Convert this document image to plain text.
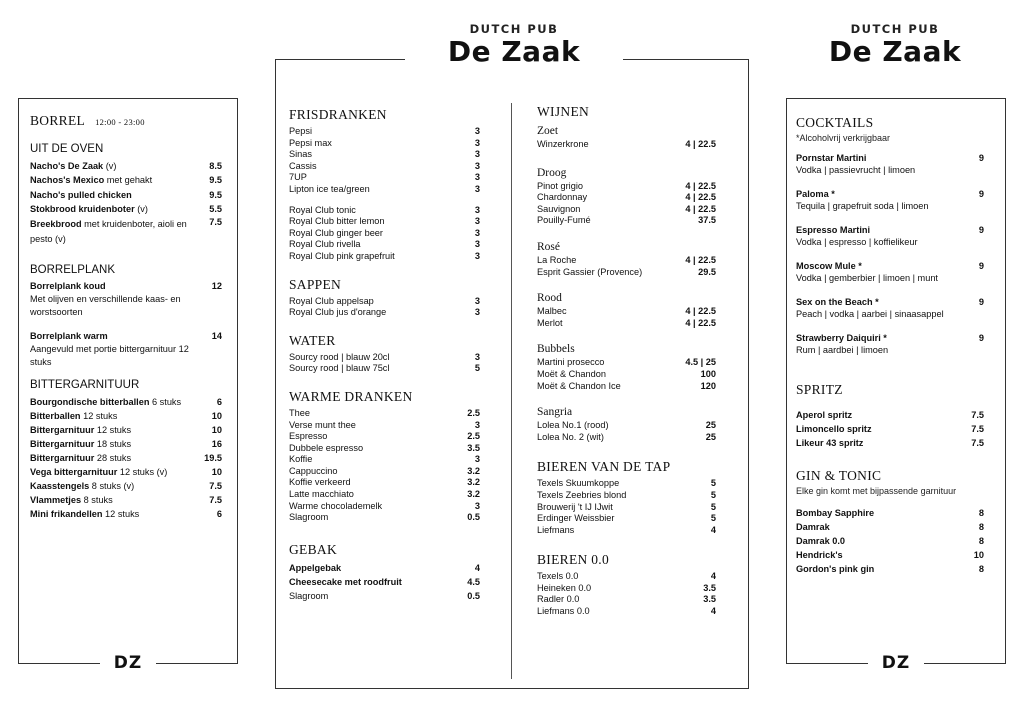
DUTCH PUB
De Zaak
DUTCH PUB
De Zaak
DZ	DZ
BORREL 12:00 - 23:00
UIT DE OVEN
Nacho's De Zaak (v)	8.5
Nachos's Mexico met gehakt	9.5
Nacho's pulled chicken	9.5
Stokbrood kruidenboter (v)	5.5
Breekbrood met kruidenboter, aioli en pesto (v)
7.5
BORRELPLANK
Borrelplank koud	12
Met olijven en verschillende kaas- en worstsoorten
Borrelplank warm	14
Aangevuld met portie bittergarnituur 12 stuks
BITTERGARNITUUR
Bourgondische bitterballen 6 stuks	6
Bitterballen 12 stuks	10
Bittergarnituur 12 stuks	10
Bittergarnituur 18 stuks	16
Bittergarnituur 28 stuks	19.5
Vega bittergarnituur 12 stuks (v)	10
Kaasstengels 8 stuks (v)	7.5
Vlammetjes 8 stuks	7.5
Mini frikandellen 12 stuks	6
FRISDRANKEN
Pepsi	3
Pepsi max	3
Sinas	3
Cassis	3
7UP	3
Lipton ice tea/green	3
Royal Club tonic	3
Royal Club bitter lemon	3
Royal Club ginger beer	3
Royal Club rivella	3
Royal Club pink grapefruit	3
SAPPEN
Royal Club appelsap	3
Royal Club jus d'orange	3
WATER
Sourcy rood | blauw 20cl	3
Sourcy rood | blauw 75cl	5
WARME DRANKEN
Thee	2.5
Verse munt thee	3
Espresso	2.5
Dubbele espresso	3.5
Koffie	3
Cappuccino	3.2
Koffie verkeerd	3.2
Latte macchiato	3.2
Warme chocolademelk	3
Slagroom	0.5
GEBAK
Appelgebak	4
Cheesecake met roodfruit	4.5
Slagroom	0.5
WIJNEN
Zoet
Winzerkrone	4 | 22.5
Droog
Pinot grigio	4 | 22.5
Chardonnay	4 | 22.5
Sauvignon	4 | 22.5
Pouilly-Fumé	37.5
Rosé
La Roche	4 | 22.5
Esprit Gassier (Provence)	29.5
Rood
Malbec	4 | 22.5
Merlot	4 | 22.5
Bubbels
Martini prosecco	4.5 | 25
Moët & Chandon	100
Moët & Chandon Ice	120
Sangria
Lolea No.1 (rood)	25
Lolea No. 2 (wit)	25
BIEREN VAN DE TAP
Texels Skuumkoppe	5
Texels Zeebries blond	5
Brouwerij 't IJ IJwit	5
Erdinger Weissbier	5
Liefmans	4
BIEREN 0.0
Texels 0.0	4
Heineken 0.0	3.5
Radler 0.0	3.5
Liefmans 0.0	4
COCKTAILS
*Alcoholvrij verkrijgbaar
Pornstar Martini	9
Vodka | passievrucht | limoen
Paloma *	9
Tequila | grapefruit soda | limoen
Espresso Martini	9
Vodka | espresso | koffielikeur
Moscow Mule *	9
Vodka | gemberbier | limoen | munt
Sex on the Beach *	9
Peach | vodka | aarbei | sinaasappel
Strawberry Daiquiri *	9
Rum | aardbei | limoen
SPRITZ
Aperol spritz	7.5
Limoncello spritz	7.5
Likeur 43 spritz	7.5
GIN & TONIC
Elke gin komt met bijpassende garnituur
Bombay Sapphire	8
Damrak	8
Damrak 0.0	8
Hendrick's	10
Gordon's pink gin	8
